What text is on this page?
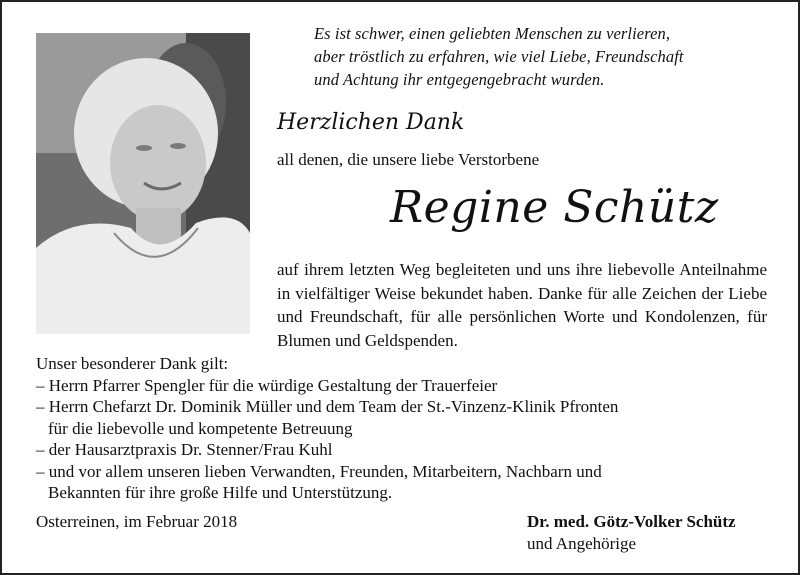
Es ist schwer, einen geliebten Menschen zu verlieren,
aber tröstlich zu erfahren, wie viel Liebe, Freundschaft
und Achtung ihr entgegengebracht wurden.
Herzlichen Dank
all denen, die unsere liebe Verstorbene
Regine Schütz
auf ihrem letzten Weg begleiteten und uns ihre liebevolle Anteilnahme in vielfältiger Weise bekundet haben. Danke für alle Zeichen der Liebe und Freundschaft, für alle persönlichen Worte und Kondolenzen, für Blumen und Geldspenden.
Unser besonderer Dank gilt:
– Herrn Pfarrer Spengler für die würdige Gestaltung der Trauerfeier
– Herrn Chefarzt Dr. Dominik Müller und dem Team der St.-Vinzenz-Klinik Pfronten
für die liebevolle und kompetente Betreuung
– der Hausarztpraxis Dr. Stenner/Frau Kuhl
– und vor allem unseren lieben Verwandten, Freunden, Mitarbeitern, Nachbarn und
Bekannten für ihre große Hilfe und Unterstützung.
Osterreinen, im Februar 2018	Dr. med. Götz-Volker Schütz
und Angehörige
